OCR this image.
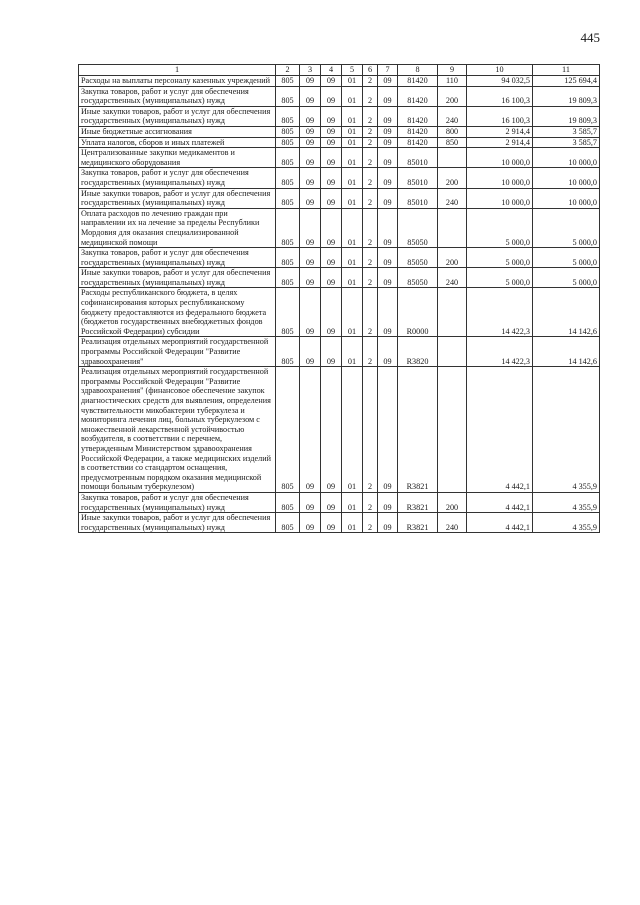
445
1	2	3	4	5	6	7	8	9	10	11
Расходы на выплаты персоналу казенных учреждений	805	09	09	01	2	09	81420	110	94 032,5	125 694,4
Закупка товаров, работ и услуг для обеспечения государственных (муниципальных) нужд	805	09	09	01	2	09	81420	200	16 100,3	19 809,3
Иные закупки товаров, работ и услуг для обеспечения государственных (муниципальных) нужд	805	09	09	01	2	09	81420	240	16 100,3	19 809,3
Иные бюджетные ассигнования	805	09	09	01	2	09	81420	800	2 914,4	3 585,7
Уплата налогов, сборов и иных платежей	805	09	09	01	2	09	81420	850	2 914,4	3 585,7
Централизованные закупки медикаментов и медицинского оборудования	805	09	09	01	2	09	85010		10 000,0	10 000,0
Закупка товаров, работ и услуг для обеспечения государственных (муниципальных) нужд	805	09	09	01	2	09	85010	200	10 000,0	10 000,0
Иные закупки товаров, работ и услуг для обеспечения государственных (муниципальных) нужд	805	09	09	01	2	09	85010	240	10 000,0	10 000,0
Оплата расходов по лечению граждан при направлении их на лечение за пределы Республики Мордовия для оказания специализированной медицинской помощи	805	09	09	01	2	09	85050		5 000,0	5 000,0
Закупка товаров, работ и услуг для обеспечения государственных (муниципальных) нужд	805	09	09	01	2	09	85050	200	5 000,0	5 000,0
Иные закупки товаров, работ и услуг для обеспечения государственных (муниципальных) нужд	805	09	09	01	2	09	85050	240	5 000,0	5 000,0
Расходы республиканского бюджета, в целях софинансирования которых республиканскому бюджету предоставляются из федерального бюджета (бюджетов государственных внебюджетных фондов Российской Федерации) субсидии	805	09	09	01	2	09	R0000		14 422,3	14 142,6
Реализация отдельных мероприятий государственной программы Российской Федерации "Развитие здравоохранения"	805	09	09	01	2	09	R3820		14 422,3	14 142,6
Реализация отдельных мероприятий государственной программы Российской Федерации "Развитие здравоохранения" (финансовое обеспечение закупок диагностических средств для выявления, определения чувствительности микобактерии туберкулеза и мониторинга лечения лиц, больных туберкулезом с множественной лекарственной устойчивостью возбудителя, в соответствии с перечнем, утвержденным Министерством здравоохранения Российской Федерации, а также медицинских изделий в соответствии со стандартом оснащения, предусмотренным порядком оказания медицинской помощи больным туберкулезом)	805	09	09	01	2	09	R3821		4 442,1	4 355,9
Закупка товаров, работ и услуг для обеспечения государственных (муниципальных) нужд	805	09	09	01	2	09	R3821	200	4 442,1	4 355,9
Иные закупки товаров, работ и услуг для обеспечения государственных (муниципальных) нужд	805	09	09	01	2	09	R3821	240	4 442,1	4 355,9
